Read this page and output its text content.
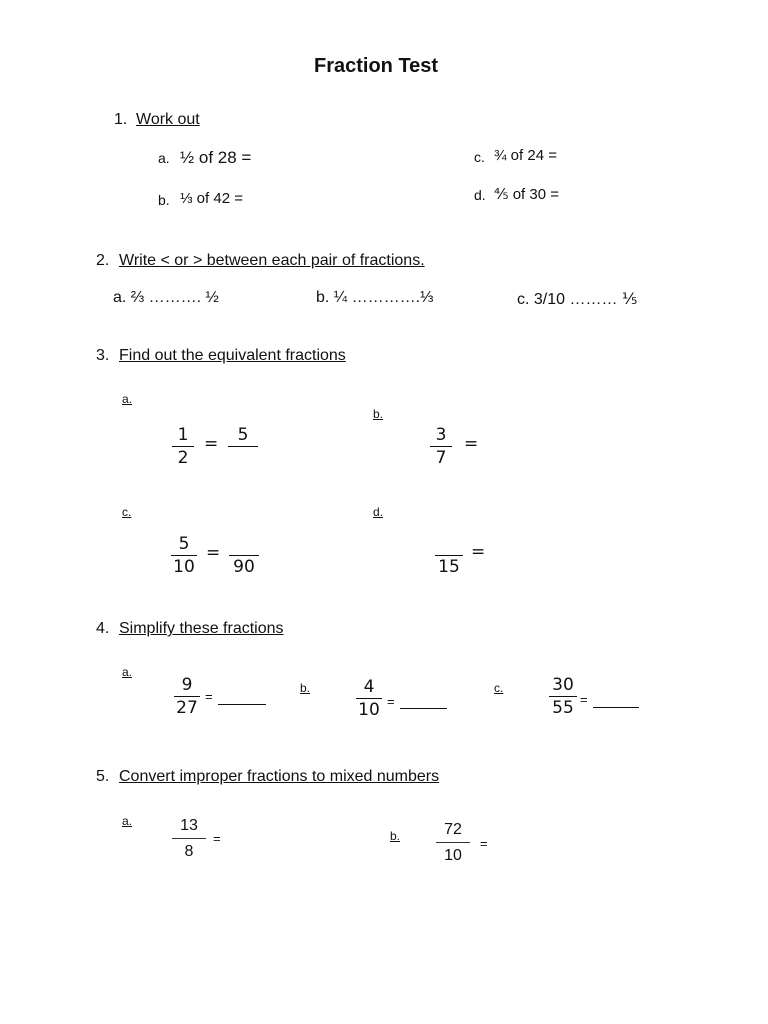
Fraction Test
1. Work out
a. ½ of 28 =
b. ⅓ of 42 =
c. ¾ of 24 =
d. ⅘ of 30 =
2. Write < or > between each pair of fractions.
a. ⅔ ………. ½	b. ¼ ………….⅓	c. 3/10 ……… ⅕
3. Find out the equivalent fractions
a.
b.
c.	d.
1
2
= 5	3
7
=
5
10
=
90	15
=
4. Simplify these fractions
a.
b.	c.
9
27
=	4
10 =
30
55 =
5. Convert improper fractions to mixed numbers
a.
b.
13
8
=
72
10
=
